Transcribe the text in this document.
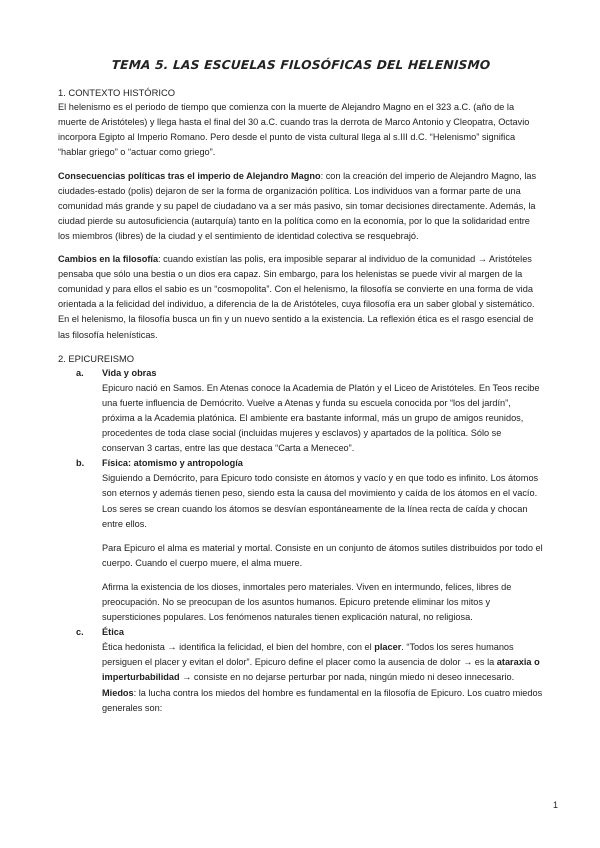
TEMA 5. LAS ESCUELAS FILOSÓFICAS DEL HELENISMO
1. CONTEXTO HISTÓRICO

El helenismo es el periodo de tiempo que comienza con la muerte de Alejandro Magno en el 323 a.C. (año de la muerte de Aristóteles) y llega hasta el final del 30 a.C. cuando tras la derrota de Marco Antonio y Cleopatra, Octavio incorpora Egipto al Imperio Romano. Pero desde el punto de vista cultural llega al s.III d.C. “Helenismo” significa “hablar griego” o “actuar como griego”.

Consecuencias políticas tras el imperio de Alejandro Magno: con la creación del imperio de Alejandro Magno, las ciudades-estado (polis) dejaron de ser la forma de organización política. Los individuos van a formar parte de una comunidad más grande y su papel de ciudadano va a ser más pasivo, sin tomar decisiones directamente. Además, la ciudad pierde su autosuficiencia (autarquía) tanto en la política como en la economía, por lo que la solidaridad entre los miembros (libres) de la ciudad y el sentimiento de identidad colectiva se resquebrajó.

Cambios en la filosofía: cuando existían las polis, era imposible separar al individuo de la comunidad → Aristóteles pensaba que sólo una bestia o un dios era capaz. Sin embargo, para los helenistas se puede vivir al margen de la comunidad y para ellos el sabio es un “cosmopolita”. Con el helenismo, la filosofía se convierte en una forma de vida orientada a la felicidad del individuo, a diferencia de la de Aristóteles, cuya filosofía era un saber global y sistemático. En el helenismo, la filosofía busca un fin y un nuevo sentido a la existencia. La reflexión ética es el rasgo esencial de las filosofía helenísticas.

2. EPICUREISMO
a. Vida y obras

Epicuro nació en Samos. En Atenas conoce la Academia de Platón y el Liceo de Aristóteles. En Teos recibe una fuerte influencia de Demócrito. Vuelve a Atenas y funda su escuela conocida por “los del jardín”, próxima a la Academia platónica. El ambiente era bastante informal, más un grupo de amigos reunidos, procedentes de toda clase social (incluidas mujeres y esclavos) y apartados de la política. Sólo se conservan 3 cartas, entre las que destaca “Carta a Meneceo”.

b. Física: atomismo y antropología

Siguiendo a Demócrito, para Epicuro todo consiste en átomos y vacío y en que todo es infinito. Los átomos son eternos y además tienen peso, siendo esta la causa del movimiento y caída de los átomos en el vacío. Los seres se crean cuando los átomos se desvían espontáneamente de la línea recta de caída y chocan entre ellos.

Para Epicuro el alma es material y mortal. Consiste en un conjunto de átomos sutiles distribuidos por todo el cuerpo. Cuando el cuerpo muere, el alma muere.

Afirma la existencia de los dioses, inmortales pero materiales. Viven en intermundo, felices, libres de preocupación. No se preocupan de los asuntos humanos. Epicuro pretende eliminar los mitos y supersticiones populares. Los fenómenos naturales tienen explicación natural, no religiosa.

c. Ética

Ética hedonista → identifica la felicidad, el bien del hombre, con el placer. “Todos los seres humanos persiguen el placer y evitan el dolor”. Epicuro define el placer como la ausencia de dolor → es la ataraxia o imperturbabilidad → consiste en no dejarse perturbar por nada, ningún miedo ni deseo innecesario.

Miedos: la lucha contra los miedos del hombre es fundamental en la filosofía de Epicuro. Los cuatro miedos generales son:

1
